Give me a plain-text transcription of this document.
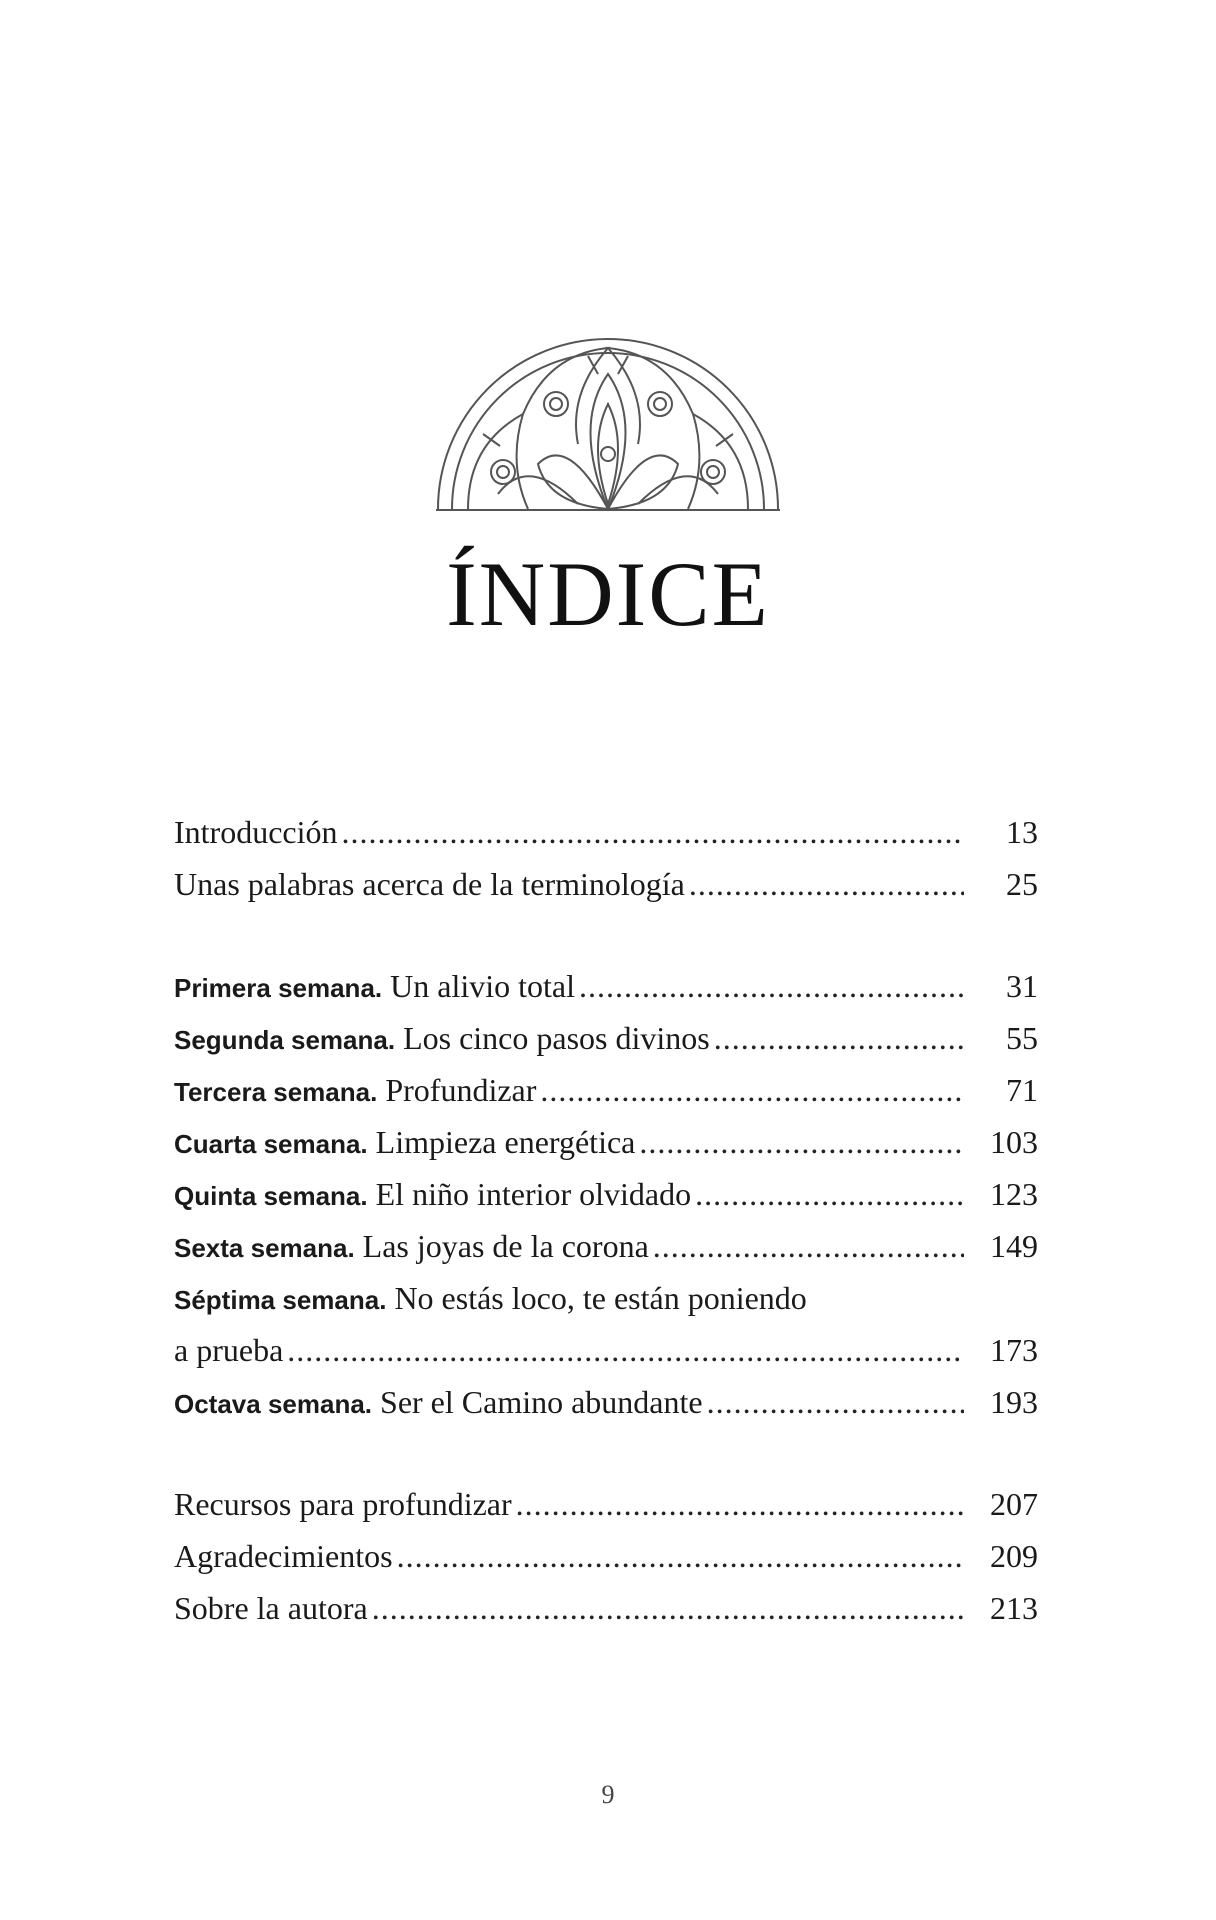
ÍNDICE
Introducción .....	13
Unas palabras acerca de la terminología .....	25
Primera semana. Un alivio total .....	31
Segunda semana. Los cinco pasos divinos .....	55
Tercera semana. Profundizar .....	71
Cuarta semana. Limpieza energética .....	103
Quinta semana. El niño interior olvidado .....	123
Sexta semana. Las joyas de la corona .....	149
Séptima semana. No estás loco, te están poniendo
a prueba .....	173
Octava semana. Ser el Camino abundante .....	193
Recursos para profundizar .....	207
Agradecimientos .....	209
Sobre la autora .....	213
9
